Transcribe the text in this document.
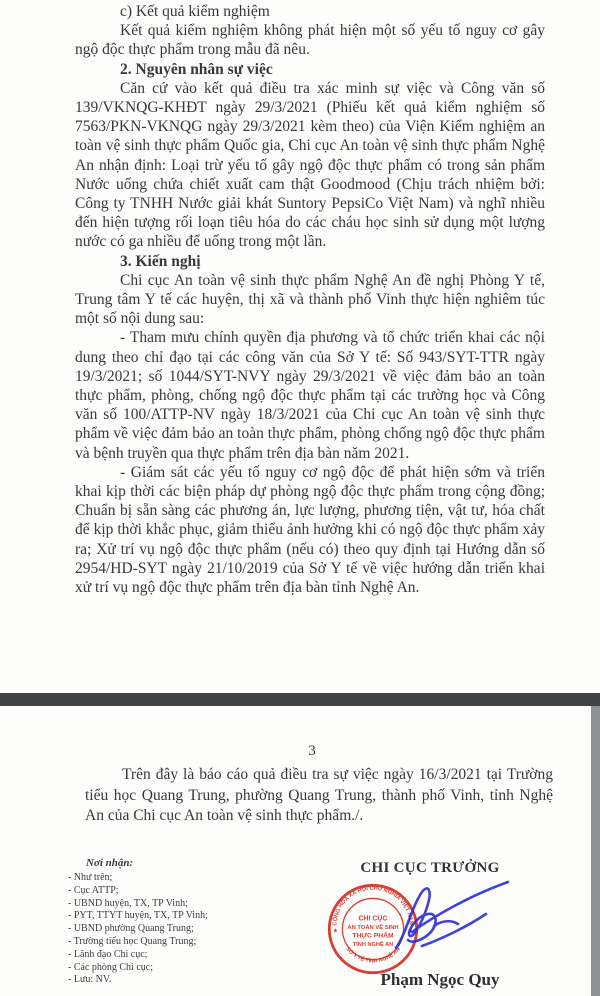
c) Kết quả kiểm nghiệm

Kết quả kiểm nghiệm không phát hiện một số yếu tố nguy cơ gây ngộ độc thực phẩm trong mẫu đã nêu.

2. Nguyên nhân sự việc

Căn cứ vào kết quả điều tra xác minh sự việc và Công văn số 139/VKNQG-KHĐT ngày 29/3/2021 (Phiếu kết quả kiểm nghiệm số 7563/PKN-VKNQG ngày 29/3/2021 kèm theo) của Viện Kiểm nghiệm an toàn vệ sinh thực phẩm Quốc gia, Chi cục An toàn vệ sinh thực phẩm Nghệ An nhận định: Loại trừ yếu tố gây ngộ độc thực phẩm có trong sản phẩm Nước uống chứa chiết xuất cam thật Goodmood (Chịu trách nhiệm bởi: Công ty TNHH Nước giải khát Suntory PepsiCo Việt Nam) và nghĩ nhiều đến hiện tượng rối loạn tiêu hóa do các cháu học sinh sử dụng một lượng nước có ga nhiều để uống trong một lần.

3. Kiến nghị

Chi cục An toàn vệ sinh thực phẩm Nghệ An đề nghị Phòng Y tế, Trung tâm Y tế các huyện, thị xã và thành phố Vinh thực hiện nghiêm túc một số nội dung sau:

- Tham mưu chính quyền địa phương và tổ chức triển khai các nội dung theo chỉ đạo tại các công văn của Sở Y tế: Số 943/SYT-TTR ngày 19/3/2021; số 1044/SYT-NVY ngày 29/3/2021 về việc đảm bảo an toàn thực phẩm, phòng, chống ngộ độc thực phẩm tại các trường học và Công văn số 100/ATTP-NV ngày 18/3/2021 của Chi cục An toàn vệ sinh thực phẩm về việc đảm bảo an toàn thực phẩm, phòng chống ngộ độc thực phẩm và bệnh truyền qua thực phẩm trên địa bàn năm 2021.

- Giám sát các yếu tố nguy cơ ngộ độc để phát hiện sớm và triển khai kịp thời các biện pháp dự phòng ngộ độc thực phẩm trong cộng đồng; Chuẩn bị sẵn sàng các phương án, lực lượng, phương tiện, vật tư, hóa chất để kịp thời khắc phục, giảm thiểu ảnh hưởng khi có ngộ độc thực phẩm xảy ra; Xử trí vụ ngộ độc thực phẩm (nếu có) theo quy định tại Hướng dẫn số 2954/HD-SYT ngày 21/10/2019 của Sở Y tế về việc hướng dẫn triển khai xử trí vụ ngộ độc thực phẩm trên địa bàn tỉnh Nghệ An.

3

Trên đây là báo cáo quả điều tra sự việc ngày 16/3/2021 tại Trường tiểu học Quang Trung, phường Quang Trung, thành phố Vinh, tỉnh Nghệ An của Chi cục An toàn vệ sinh thực phẩm./.

Nơi nhận:
- Như trên;
- Cục ATTP;
- UBND huyện, TX, TP Vinh;
- PYT, TTYT huyện, TX, TP Vinh;
- UBND phường Quang Trung;
- Trường tiểu học Quang Trung;
- Lãnh đạo Chi cục;
- Các phòng Chi cục;
- Lưu: NV.
CHI CỤC TRƯỞNG
CỘNG HÒA XÃ HỘI CHỦ NGHĨA VIỆT NAM
SỞ Y TẾ TỈNH NGHỆ AN
★	★
CHI CỤC
AN TOÀN VỆ SINH
THỰC PHẨM
TỈNH NGHỆ AN
Phạm Ngọc Quy
